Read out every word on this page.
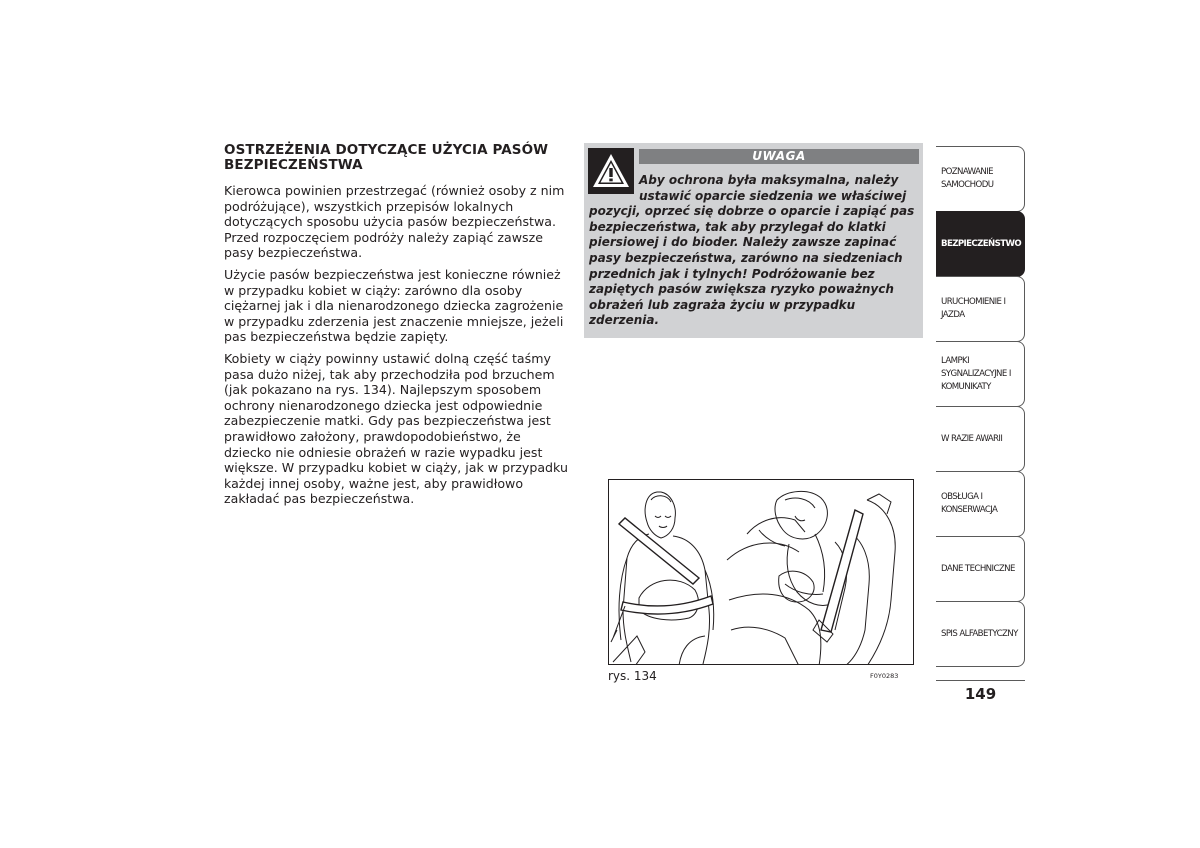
OSTRZEŻENIA DOTYCZĄCE UŻYCIA PASÓW BEZPIECZEŃSTWA

Kierowca powinien przestrzegać (również osoby z nim podróżujące), wszystkich przepisów lokalnych dotyczących sposobu użycia pasów bezpieczeństwa. Przed rozpoczęciem podróży należy zapiąć zawsze pasy bezpieczeństwa.

Użycie pasów bezpieczeństwa jest konieczne również w przypadku kobiet w ciąży: zarówno dla osoby ciężarnej jak i dla nienarodzonego dziecka zagrożenie w przypadku zderzenia jest znaczenie mniejsze, jeżeli pas bezpieczeństwa będzie zapięty.

Kobiety w ciąży powinny ustawić dolną część taśmy pasa dużo niżej, tak aby przechodziła pod brzuchem (jak pokazano na rys. 134). Najlepszym sposobem ochrony nienarodzonego dziecka jest odpowiednie zabezpieczenie matki. Gdy pas bezpieczeństwa jest prawidłowo założony, prawdopodobieństwo, że dziecko nie odniesie obrażeń w razie wypadku jest większe. W przypadku kobiet w ciąży, jak w przypadku każdej innej osoby, ważne jest, aby prawidłowo zakładać pas bezpieczeństwa.

UWAGA
Aby ochrona była maksymalna, należy ustawić oparcie siedzenia we właściwej
pozycji, oprzeć się dobrze o oparcie i zapiąć pas bezpieczeństwa, tak aby przylegał do klatki piersiowej i do bioder. Należy zawsze zapinać pasy bezpieczeństwa, zarówno na siedzeniach przednich jak i tylnych! Podróżowanie bez zapiętych pasów zwiększa ryzyko poważnych obrażeń lub zagraża życiu w przypadku zderzenia.
rys. 134	F0Y0283
POZNAWANIE SAMOCHODU
BEZPIECZEŃSTWO
URUCHOMIENIE I JAZDA
LAMPKI SYGNALIZACYJNE I KOMUNIKATY
W RAZIE AWARII
OBSŁUGA I KONSERWACJA
DANE TECHNICZNE
SPIS ALFABETYCZNY
149
